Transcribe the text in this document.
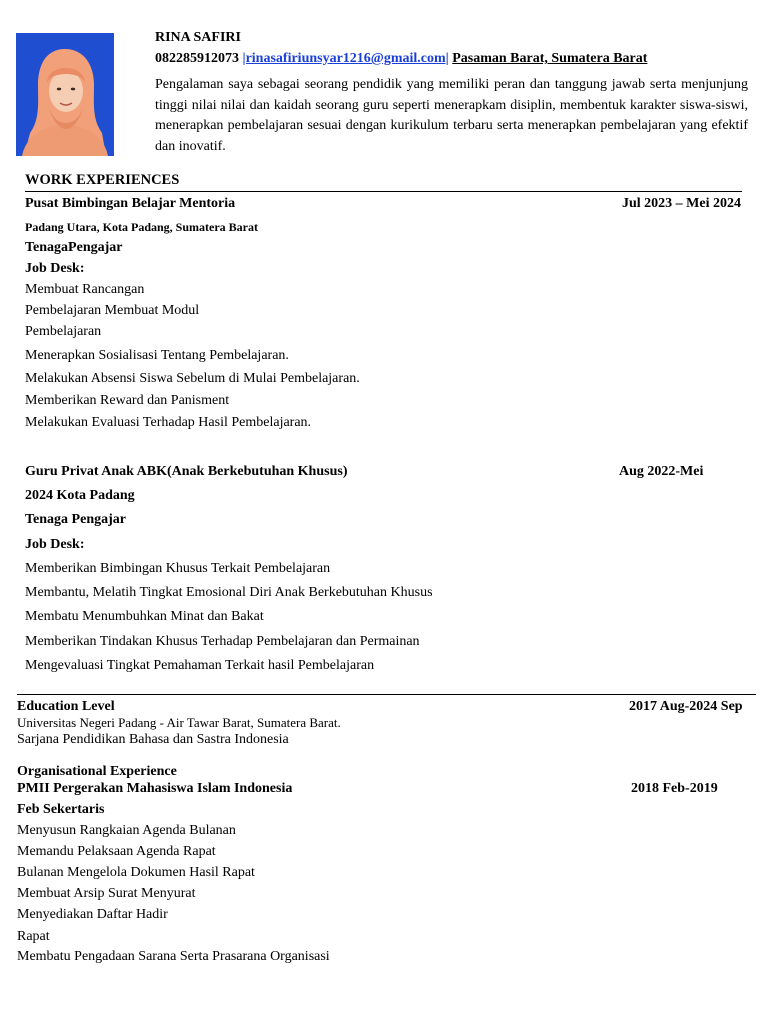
RINA SAFIRI
082285912073 |rinasafiriunsyar1216@gmail.com| Pasaman Barat, Sumatera Barat
Pengalaman saya sebagai seorang pendidik yang memiliki peran dan tanggung jawab serta menjunjung tinggi nilai nilai dan kaidah seorang guru seperti menerapkam disiplin, membentuk karakter siswa-siswi, menerapkan pembelajaran sesuai dengan kurikulum terbaru serta menerapkan pembelajaran yang efektif dan inovatif.
WORK EXPERIENCES
Pusat Bimbingan Belajar Mentoria	Jul 2023 – Mei 2024
Padang Utara, Kota Padang, Sumatera Barat
TenagaPengajar
Job Desk:
Membuat Rancangan
Pembelajaran Membuat Modul
Pembelajaran
Menerapkan Sosialisasi Tentang Pembelajaran.
Melakukan Absensi Siswa Sebelum di Mulai Pembelajaran.
Memberikan Reward dan Panisment
Melakukan Evaluasi Terhadap Hasil Pembelajaran.
Guru Privat Anak ABK(Anak Berkebutuhan Khusus)	Aug 2022-Mei
2024 Kota Padang
Tenaga Pengajar
Job Desk:
Memberikan Bimbingan Khusus Terkait Pembelajaran
Membantu, Melatih Tingkat Emosional Diri Anak Berkebutuhan Khusus
Membatu Menumbuhkan Minat dan Bakat
Memberikan Tindakan Khusus Terhadap Pembelajaran dan Permainan
Mengevaluasi Tingkat Pemahaman Terkait hasil Pembelajaran
Education Level	2017 Aug-2024 Sep
Universitas Negeri Padang - Air Tawar Barat, Sumatera Barat.
Sarjana Pendidikan Bahasa dan Sastra Indonesia
Organisational Experience
PMII Pergerakan Mahasiswa Islam Indonesia	2018 Feb-2019
Feb Sekertaris
Menyusun Rangkaian Agenda Bulanan
Memandu Pelaksaan Agenda Rapat
Bulanan Mengelola Dokumen Hasil Rapat
Membuat Arsip Surat Menyurat
Menyediakan Daftar Hadir
Rapat
Membatu Pengadaan Sarana Serta Prasarana Organisasi
